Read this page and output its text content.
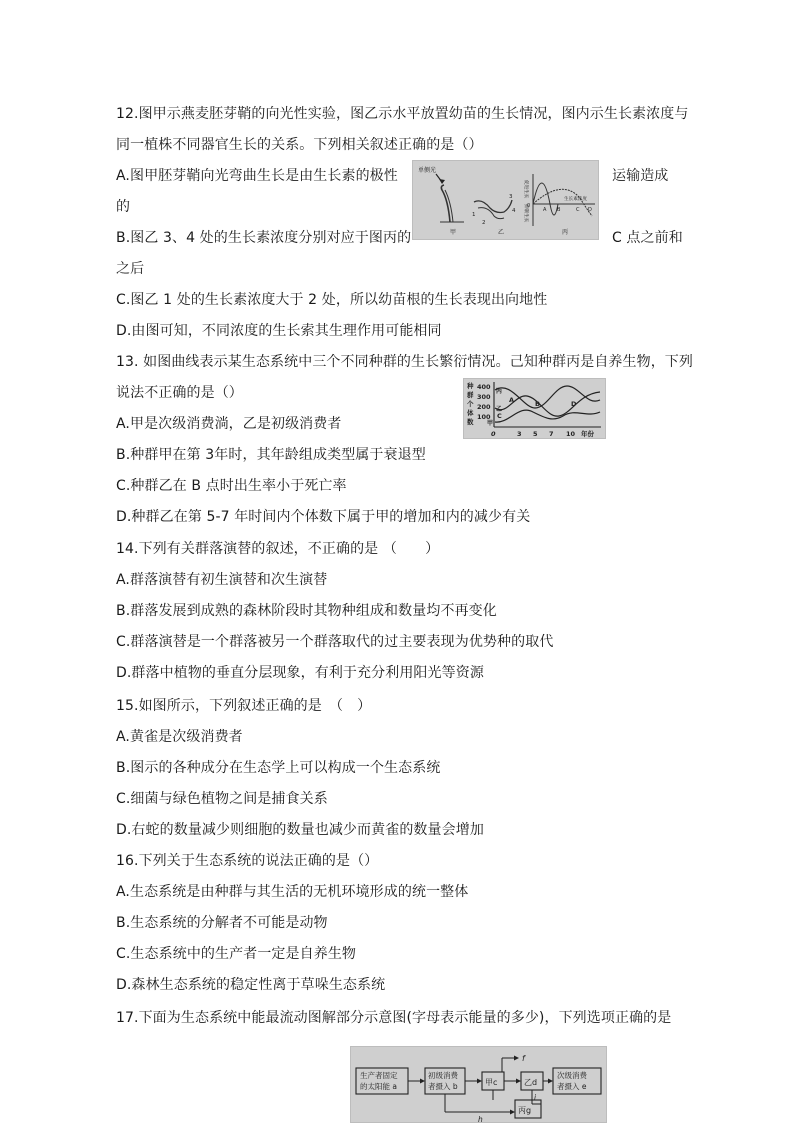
12.图甲示燕麦胚芽鞘的向光性实验，图乙示水平放置幼苗的生长情况，图内示生长素浓度与
同一植株不同器官生长的关系。下列相关叙述正确的是（）
A.图甲胚芽鞘向光弯曲生长是由生长素的极性	运输造成
的
B.图乙 3、4 处的生长素浓度分别对应于图丙的	C 点之前和
之后
C.图乙 1 处的生长素浓度大于 2 处，所以幼苗根的生长表现出向地性
D.由图可知，不同浓度的生长索其生理作用可能相同
单侧光
甲
2
3
4
1
乙
促进生长
抑制生长 0
A B	C D
生长素浓度
丙
13. 如图曲线表示某生态系统中三个不同种群的生长繁衍情况。己知种群丙是自养生物，下列
说法不正确的是（）
A.甲是次级消费淌，乙是初级消费者
B.种群甲在第 3年时，其年龄组成类型属于衰退型
C.种群乙在 B 点时出生率小于死亡率
D.种群乙在第 5-7 年时间内个体数下属于甲的增加和内的减少有关
种
群
个
体
数
400
300
200
100
0	3 5 7 10 年份
丙
乙
甲
A	B
C
D
14.下列有关群落演替的叙述，不正确的是 （　　）
A.群落演替有初生演替和次生演替
B.群落发展到成熟的森林阶段时其物种组成和数量均不再变化
C.群落演替是一个群落被另一个群落取代的过主要表现为优势种的取代
D.群落中植物的垂直分层现象，有利于充分利用阳光等资源
15.如图所示，下列叙述正确的是　（　）
A.黄雀是次级消费者
B.图示的各种成分在生态学上可以构成一个生态系统
C.细菌与绿色植物之间是捕食关系
D.右蛇的数量减少则细胞的数量也减少而黄雀的数量会增加
16.下列关于生态系统的说法正确的是（）
A.生态系统是由种群与其生活的无机环境形成的统一整体
B.生态系统的分解者不可能是动物
C.生态系统中的生产者一定是自养生物
D.森林生态系统的稳定性离于草哚生态系统
17.下面为生态系统中能最流动图解部分示意图(字母表示能量的多少)，下列选项正确的是
生产者固定
的太阳能 a
初级消费
者摄入 b	甲c	乙d
次级消费
者摄入 e
f
i
丙g
h
